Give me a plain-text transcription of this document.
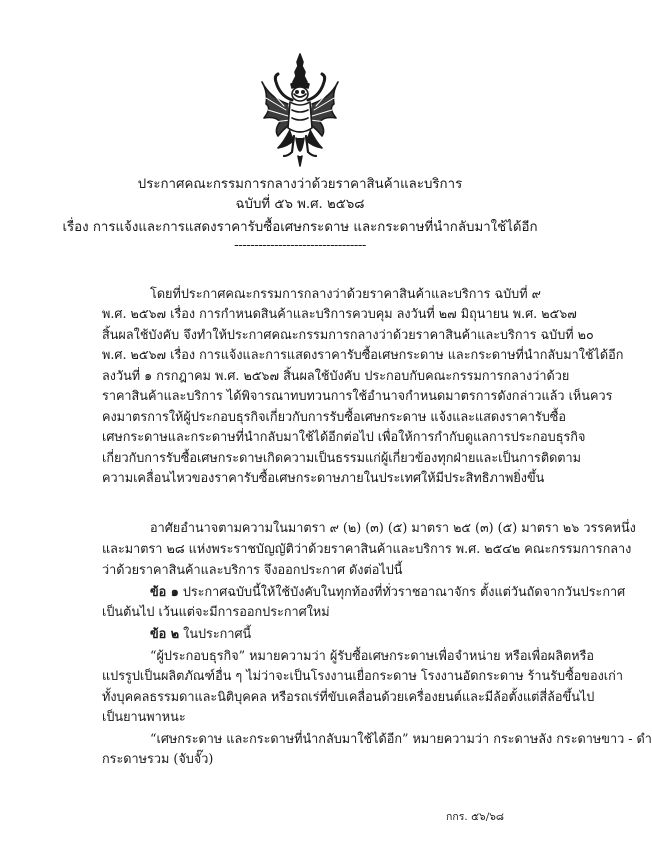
ประกาศคณะกรรมการกลางว่าด้วยราคาสินค้าและบริการ
ฉบับที่ ๕๖ พ.ศ. ๒๕๖๘
เรื่อง การแจ้งและการแสดงราคารับซื้อเศษกระดาษ และกระดาษที่นำกลับมาใช้ได้อีก
---------------------------------
โดยที่ประกาศคณะกรรมการกลางว่าด้วยราคาสินค้าและบริการ ฉบับที่ ๙
พ.ศ. ๒๕๖๗ เรื่อง การกำหนดสินค้าและบริการควบคุม ลงวันที่ ๒๗ มิถุนายน พ.ศ. ๒๕๖๗
สิ้นผลใช้บังคับ จึงทำให้ประกาศคณะกรรมการกลางว่าด้วยราคาสินค้าและบริการ ฉบับที่ ๒๐
พ.ศ. ๒๕๖๗ เรื่อง การแจ้งและการแสดงราคารับซื้อเศษกระดาษ และกระดาษที่นำกลับมาใช้ได้อีก
ลงวันที่ ๑ กรกฎาคม พ.ศ. ๒๕๖๗ สิ้นผลใช้บังคับ ประกอบกับคณะกรรมการกลางว่าด้วย
ราคาสินค้าและบริการ ได้พิจารณาทบทวนการใช้อำนาจกำหนดมาตรการดังกล่าวแล้ว เห็นควร
คงมาตรการให้ผู้ประกอบธุรกิจเกี่ยวกับการรับซื้อเศษกระดาษ แจ้งและแสดงราคารับซื้อ
เศษกระดาษและกระดาษที่นำกลับมาใช้ได้อีกต่อไป เพื่อให้การกำกับดูแลการประกอบธุรกิจ
เกี่ยวกับการรับซื้อเศษกระดาษเกิดความเป็นธรรมแก่ผู้เกี่ยวข้องทุกฝ่ายและเป็นการติดตาม
ความเคลื่อนไหวของราคารับซื้อเศษกระดาษภายในประเทศให้มีประสิทธิภาพยิ่งขึ้น
อาศัยอำนาจตามความในมาตรา ๙ (๒) (๓) (๕) มาตรา ๒๕ (๓) (๕) มาตรา ๒๖ วรรคหนึ่ง
และมาตรา ๒๘ แห่งพระราชบัญญัติว่าด้วยราคาสินค้าและบริการ พ.ศ. ๒๕๔๒ คณะกรรมการกลาง
ว่าด้วยราคาสินค้าและบริการ จึงออกประกาศ ดังต่อไปนี้
ข้อ ๑ ประกาศฉบับนี้ให้ใช้บังคับในทุกท้องที่ทั่วราชอาณาจักร ตั้งแต่วันถัดจากวันประกาศ
เป็นต้นไป เว้นแต่จะมีการออกประกาศใหม่
ข้อ ๒ ในประกาศนี้
“ผู้ประกอบธุรกิจ” หมายความว่า ผู้รับซื้อเศษกระดาษเพื่อจำหน่าย หรือเพื่อผลิตหรือ
แปรรูปเป็นผลิตภัณฑ์อื่น ๆ ไม่ว่าจะเป็นโรงงานเยื่อกระดาษ โรงงานอัดกระดาษ ร้านรับซื้อของเก่า
ทั้งบุคคลธรรมดาและนิติบุคคล หรือรถเร่ที่ขับเคลื่อนด้วยเครื่องยนต์และมีล้อตั้งแต่สี่ล้อขึ้นไป
เป็นยานพาหนะ
“เศษกระดาษ และกระดาษที่นำกลับมาใช้ได้อีก” หมายความว่า กระดาษลัง กระดาษขาว - ดำ
กระดาษรวม (จับจั๊ว)
กกร. ๕๖/๖๘
